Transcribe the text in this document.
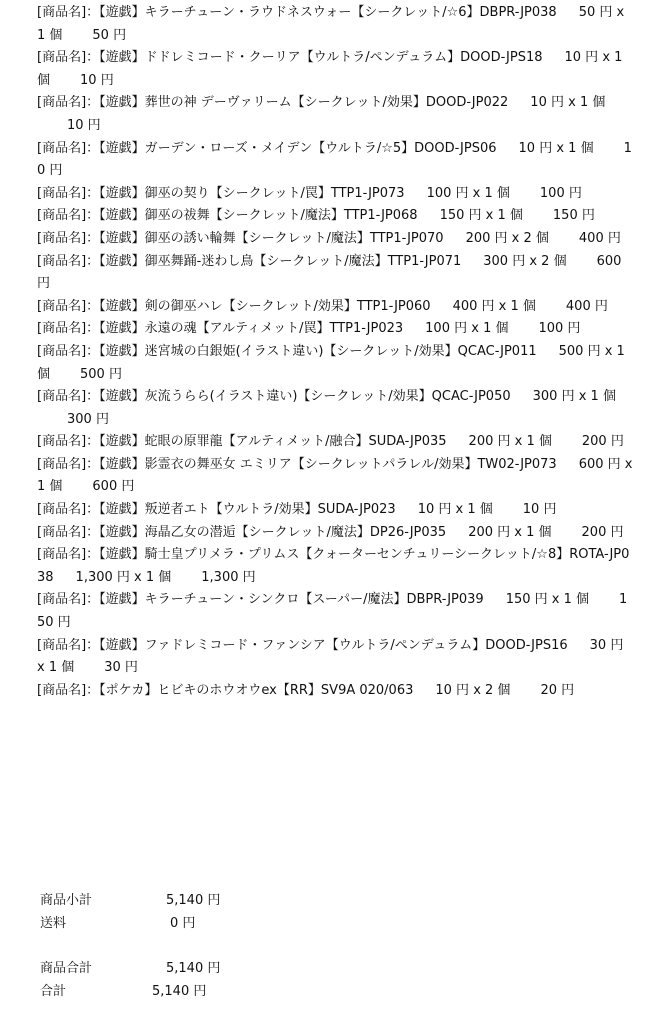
[商品名]：【遊戯】キラーチューン・ラウドネスウォー【シークレット/☆6】DBPR-JP038 50 円 x 1 個 50 円
[商品名]：【遊戯】ドドレミコード・クーリア【ウルトラ/ペンデュラム】DOOD-JPS18 10 円 x 1 個 10 円
[商品名]：【遊戯】葬世の神 デーヴァリーム【シークレット/効果】DOOD-JP022 10 円 x 1 個10 円
[商品名]：【遊戯】ガーデン・ローズ・メイデン【ウルトラ/☆5】DOOD-JPS06 10 円 x 1 個 10 円
[商品名]：【遊戯】御巫の契り【シークレット/罠】TTP1-JP073 100 円 x 1 個 100 円
[商品名]：【遊戯】御巫の祓舞【シークレット/魔法】TTP1-JP068 150 円 x 1 個 150 円
[商品名]：【遊戯】御巫の誘い輪舞【シークレット/魔法】TTP1-JP070 200 円 x 2 個 400 円
[商品名]：【遊戯】御巫舞踊-迷わし鳥【シークレット/魔法】TTP1-JP071 300 円 x 2 個 600 円
[商品名]：【遊戯】剣の御巫ハレ【シークレット/効果】TTP1-JP060 400 円 x 1 個 400 円
[商品名]：【遊戯】永遠の魂【アルティメット/罠】TTP1-JP023 100 円 x 1 個 100 円
[商品名]：【遊戯】迷宮城の白銀姫(イラスト違い)【シークレット/効果】QCAC-JP011 500 円 x 1 個 500 円
[商品名]：【遊戯】灰流うらら(イラスト違い)【シークレット/効果】QCAC-JP050 300 円 x 1 個300 円
[商品名]：【遊戯】蛇眼の原罪龍【アルティメット/融合】SUDA-JP035 200 円 x 1 個 200 円
[商品名]：【遊戯】影霊衣の舞巫女 エミリア【シークレットパラレル/効果】TW02-JP073 600 円 x 1 個 600 円
[商品名]：【遊戯】叛逆者エト【ウルトラ/効果】SUDA-JP023 10 円 x 1 個 10 円
[商品名]：【遊戯】海晶乙女の潜逅【シークレット/魔法】DP26-JP035 200 円 x 1 個 200 円
[商品名]：【遊戯】騎士皇プリメラ・プリムス【クォーターセンチュリーシークレット/☆8】ROTA-JP038 1,300 円 x 1 個 1,300 円
[商品名]：【遊戯】キラーチューン・シンクロ【スーパー/魔法】DBPR-JP039 150 円 x 1 個 150 円
[商品名]：【遊戯】ファドレミコード・ファンシア【ウルトラ/ペンデュラム】DOOD-JPS16 30 円 x 1 個 30 円
[商品名]：【ポケカ】ヒビキのホウオウex【RR】SV9A 020/063 10 円 x 2 個 20 円
商品小計	5,140 円
送料	0 円
商品合計	5,140 円
合計	5,140 円
